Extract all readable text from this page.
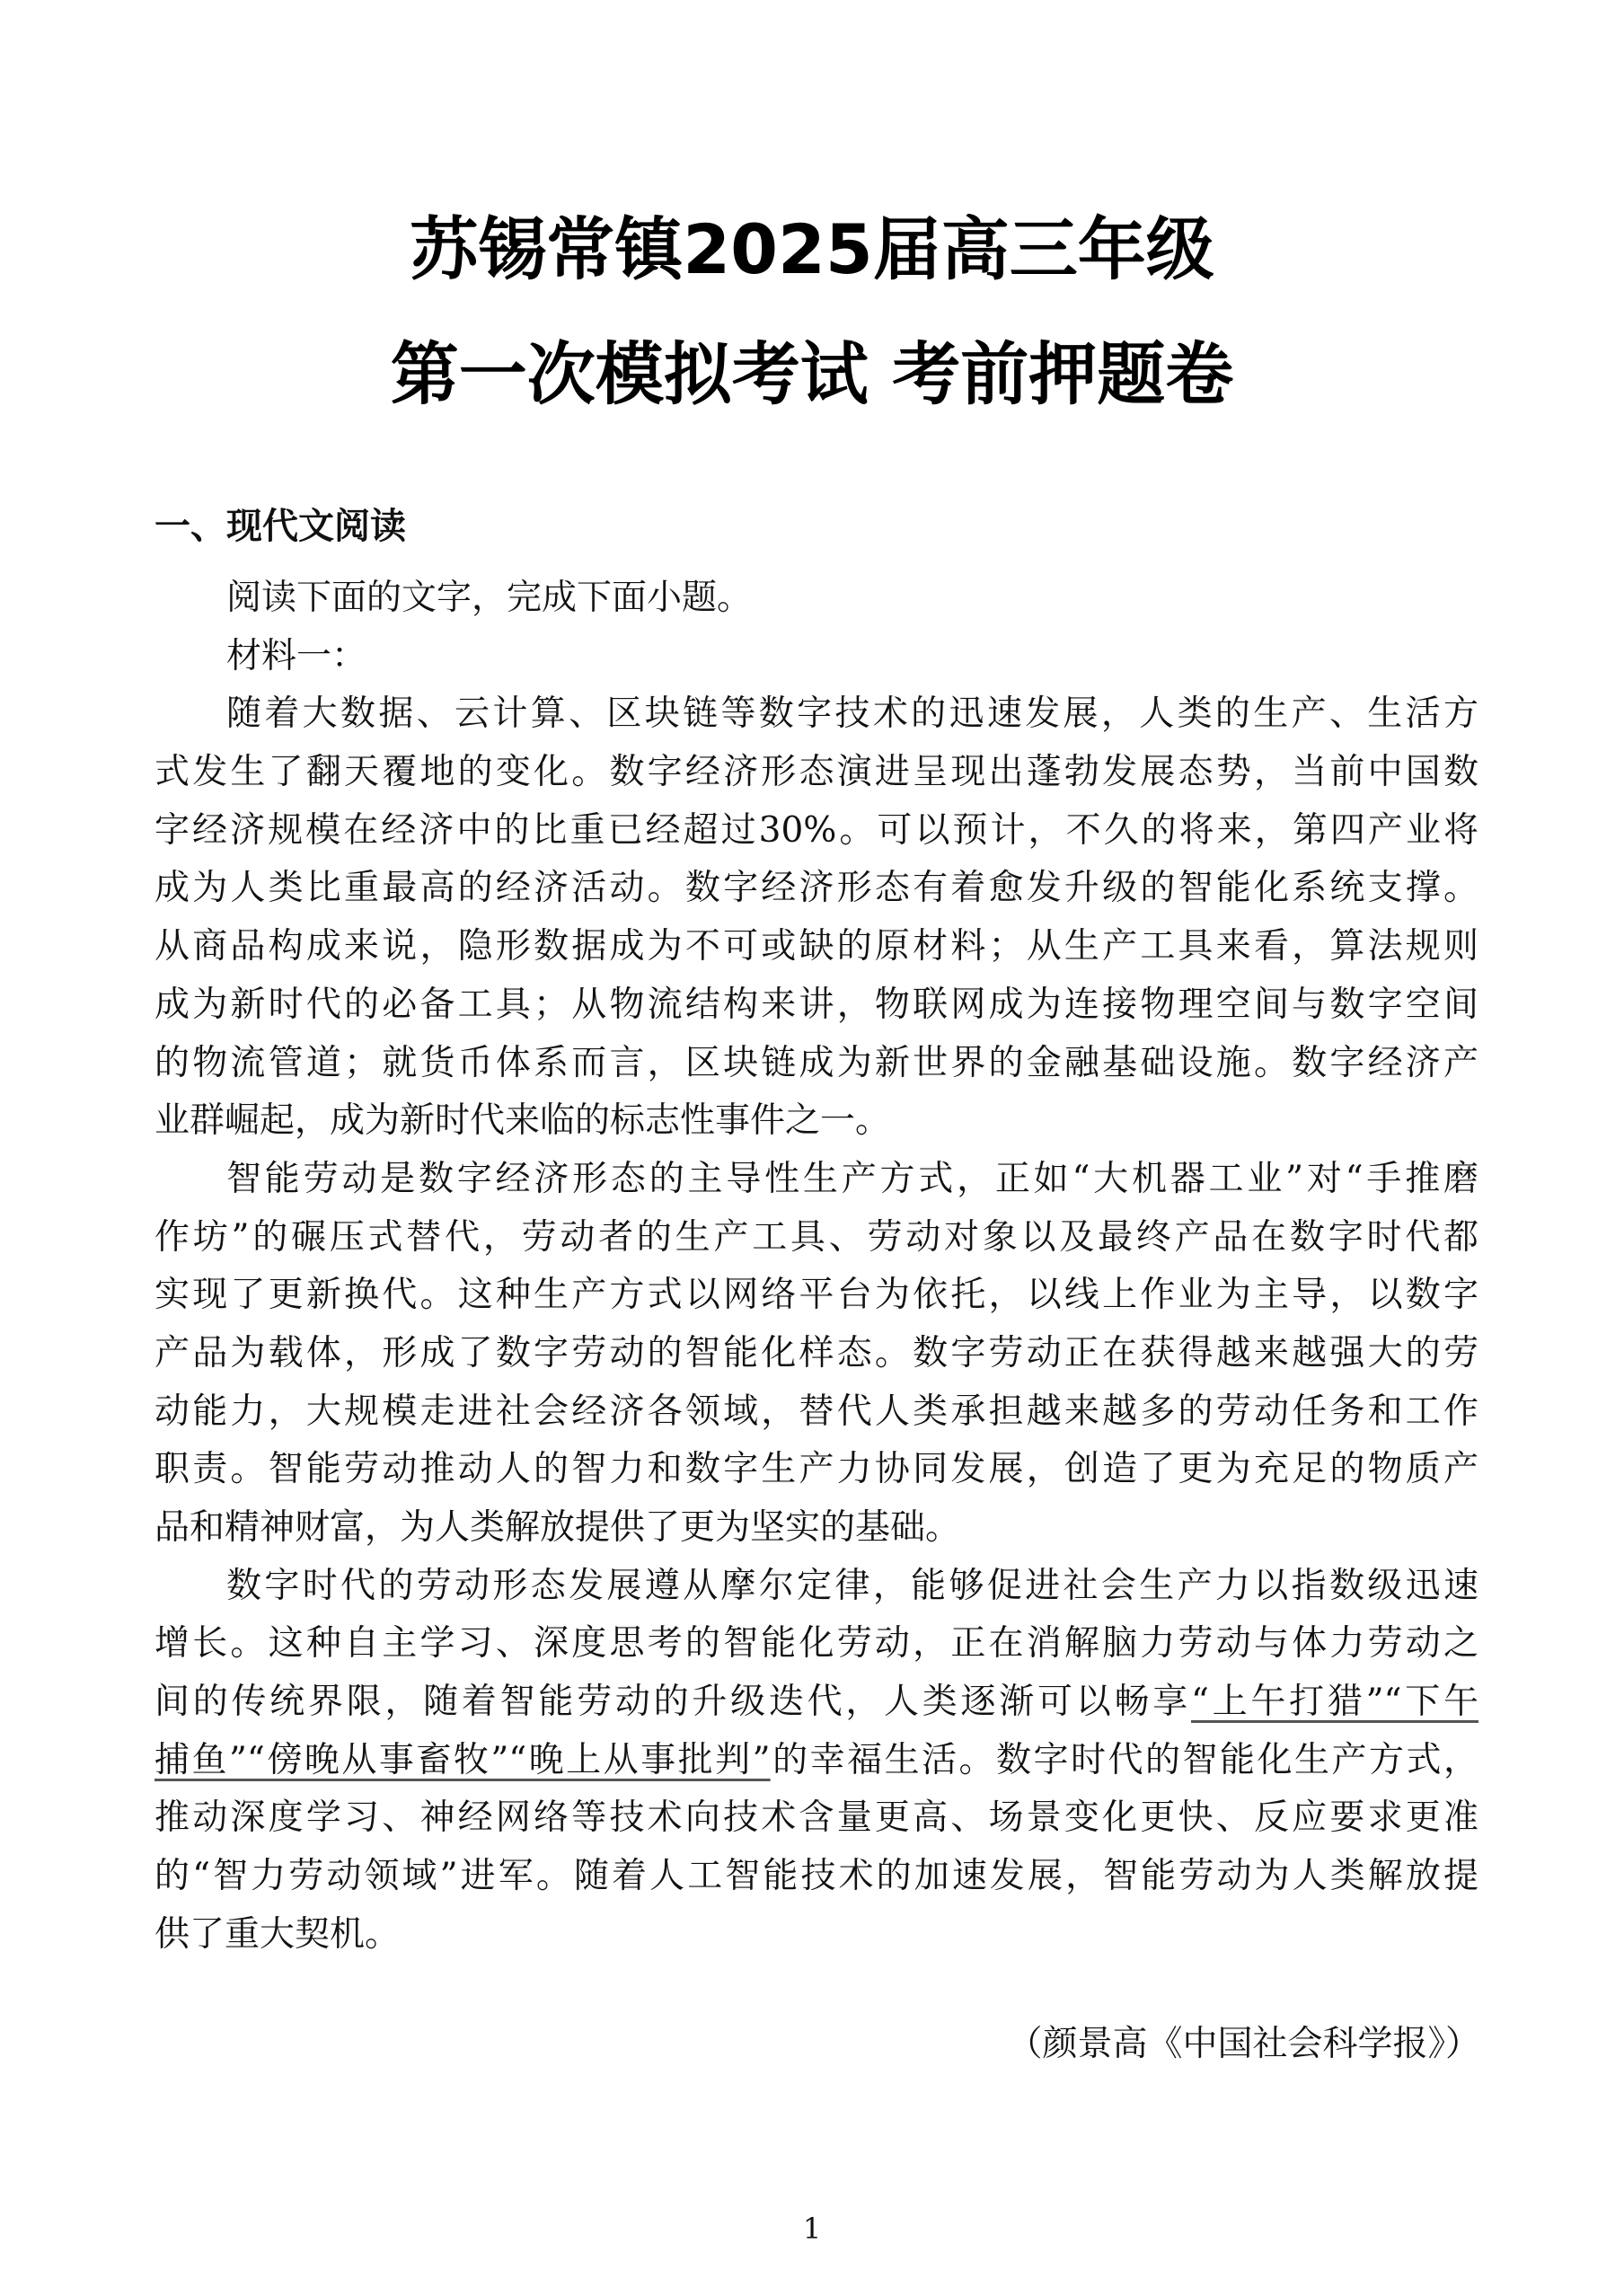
苏锡常镇2025届高三年级
第一次模拟考试 考前押题卷
一、现代文阅读
阅读下面的文字，完成下面小题。
材料一：
随着大数据、云计算、区块链等数字技术的迅速发展，人类的生产、生活方
式发生了翻天覆地的变化。数字经济形态演进呈现出蓬勃发展态势，当前中国数
字经济规模在经济中的比重已经超过30%。可以预计，不久的将来，第四产业将
成为人类比重最高的经济活动。数字经济形态有着愈发升级的智能化系统支撑。
从商品构成来说，隐形数据成为不可或缺的原材料；从生产工具来看，算法规则
成为新时代的必备工具；从物流结构来讲，物联网成为连接物理空间与数字空间
的物流管道；就货币体系而言，区块链成为新世界的金融基础设施。数字经济产
业群崛起，成为新时代来临的标志性事件之一。
智能劳动是数字经济形态的主导性生产方式，正如“大机器工业”对“手推磨
作坊”的碾压式替代，劳动者的生产工具、劳动对象以及最终产品在数字时代都
实现了更新换代。这种生产方式以网络平台为依托，以线上作业为主导，以数字
产品为载体，形成了数字劳动的智能化样态。数字劳动正在获得越来越强大的劳
动能力，大规模走进社会经济各领域，替代人类承担越来越多的劳动任务和工作
职责。智能劳动推动人的智力和数字生产力协同发展，创造了更为充足的物质产
品和精神财富，为人类解放提供了更为坚实的基础。
数字时代的劳动形态发展遵从摩尔定律，能够促进社会生产力以指数级迅速
增长。这种自主学习、深度思考的智能化劳动，正在消解脑力劳动与体力劳动之
间的传统界限，随着智能劳动的升级迭代，人类逐渐可以畅享“上午打猎”“下午
捕鱼”“傍晚从事畜牧”“晚上从事批判”的幸福生活。数字时代的智能化生产方式，
推动深度学习、神经网络等技术向技术含量更高、场景变化更快、反应要求更准
的“智力劳动领域”进军。随着人工智能技术的加速发展，智能劳动为人类解放提
供了重大契机。
（颜景高《中国社会科学报》）
1
